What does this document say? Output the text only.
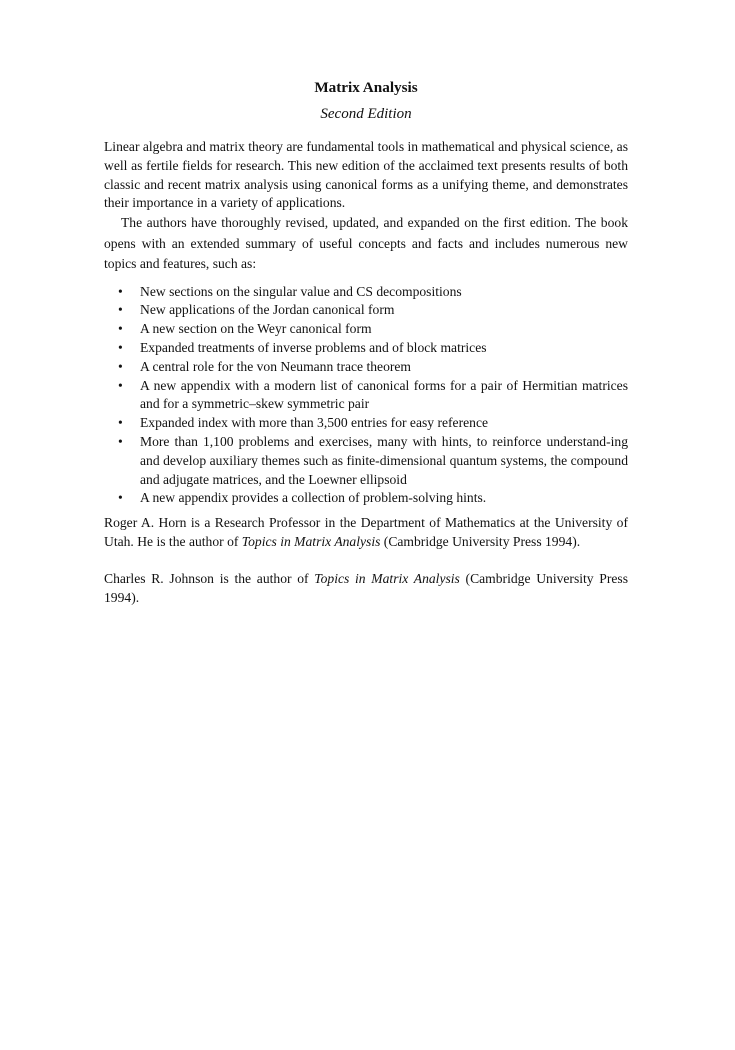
Matrix Analysis
Second Edition

Linear algebra and matrix theory are fundamental tools in mathematical and physical science, as well as fertile fields for research. This new edition of the acclaimed text presents results of both classic and recent matrix analysis using canonical forms as a unifying theme, and demonstrates their importance in a variety of applications.

The authors have thoroughly revised, updated, and expanded on the first edition. The book opens with an extended summary of useful concepts and facts and includes numerous new topics and features, such as:

• New sections on the singular value and CS decompositions
• New applications of the Jordan canonical form
• A new section on the Weyr canonical form
• Expanded treatments of inverse problems and of block matrices
• A central role for the von Neumann trace theorem
• A new appendix with a modern list of canonical forms for a pair of Hermitian matrices and for a symmetric–skew symmetric pair
• Expanded index with more than 3,500 entries for easy reference
• More than 1,100 problems and exercises, many with hints, to reinforce understand-ing and develop auxiliary themes such as finite-dimensional quantum systems, the compound and adjugate matrices, and the Loewner ellipsoid
• A new appendix provides a collection of problem-solving hints.

Roger A. Horn is a Research Professor in the Department of Mathematics at the University of Utah. He is the author of Topics in Matrix Analysis (Cambridge University Press 1994).

Charles R. Johnson is the author of Topics in Matrix Analysis (Cambridge University Press 1994).
